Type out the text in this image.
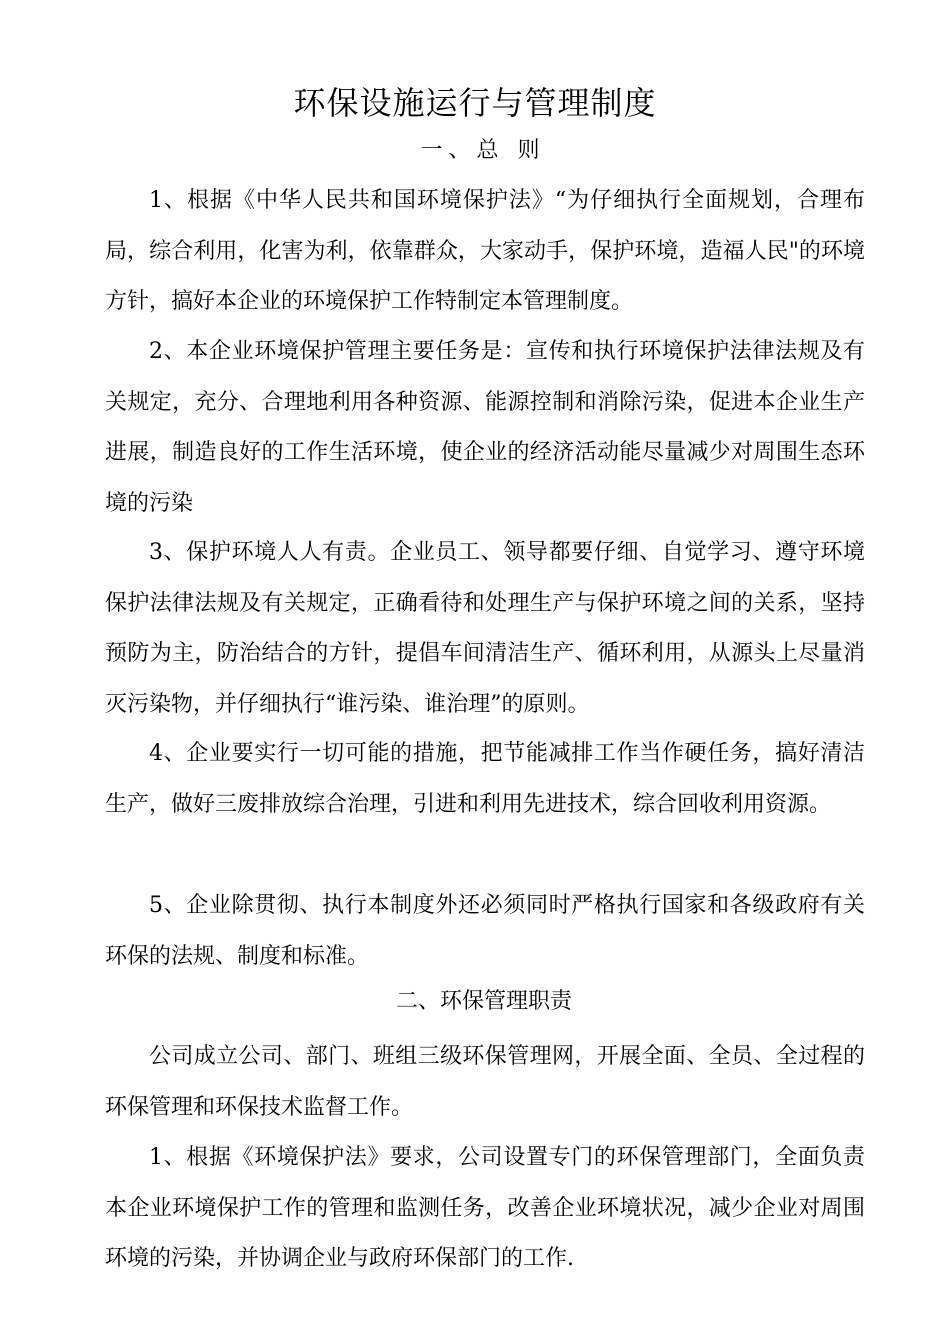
环保设施运行与管理制度
一、总 则

1、根据《中华人民共和国环境保护法》“为仔细执行全面规划，合理布局，综合利用，化害为利，依靠群众，大家动手，保护环境，造福人民"的环境方针，搞好本企业的环境保护工作特制定本管理制度。

2、本企业环境保护管理主要任务是：宣传和执行环境保护法律法规及有关规定，充分、合理地利用各种资源、能源控制和消除污染，促进本企业生产进展，制造良好的工作生活环境，使企业的经济活动能尽量减少对周围生态环境的污染

3、保护环境人人有责。企业员工、领导都要仔细、自觉学习、遵守环境保护法律法规及有关规定，正确看待和处理生产与保护环境之间的关系，坚持预防为主，防治结合的方针，提倡车间清洁生产、循环利用，从源头上尽量消灭污染物，并仔细执行“谁污染、谁治理”的原则。

4、企业要实行一切可能的措施，把节能减排工作当作硬任务，搞好清洁生产，做好三废排放综合治理，引进和利用先进技术，综合回收利用资源。

5、企业除贯彻、执行本制度外还必须同时严格执行国家和各级政府有关环保的法规、制度和标准。

二、环保管理职责

公司成立公司、部门、班组三级环保管理网，开展全面、全员、全过程的环保管理和环保技术监督工作。

1、根据《环境保护法》要求，公司设置专门的环保管理部门，全面负责本企业环境保护工作的管理和监测任务，改善企业环境状况，减少企业对周围环境的污染，并协调企业与政府环保部门的工作.
